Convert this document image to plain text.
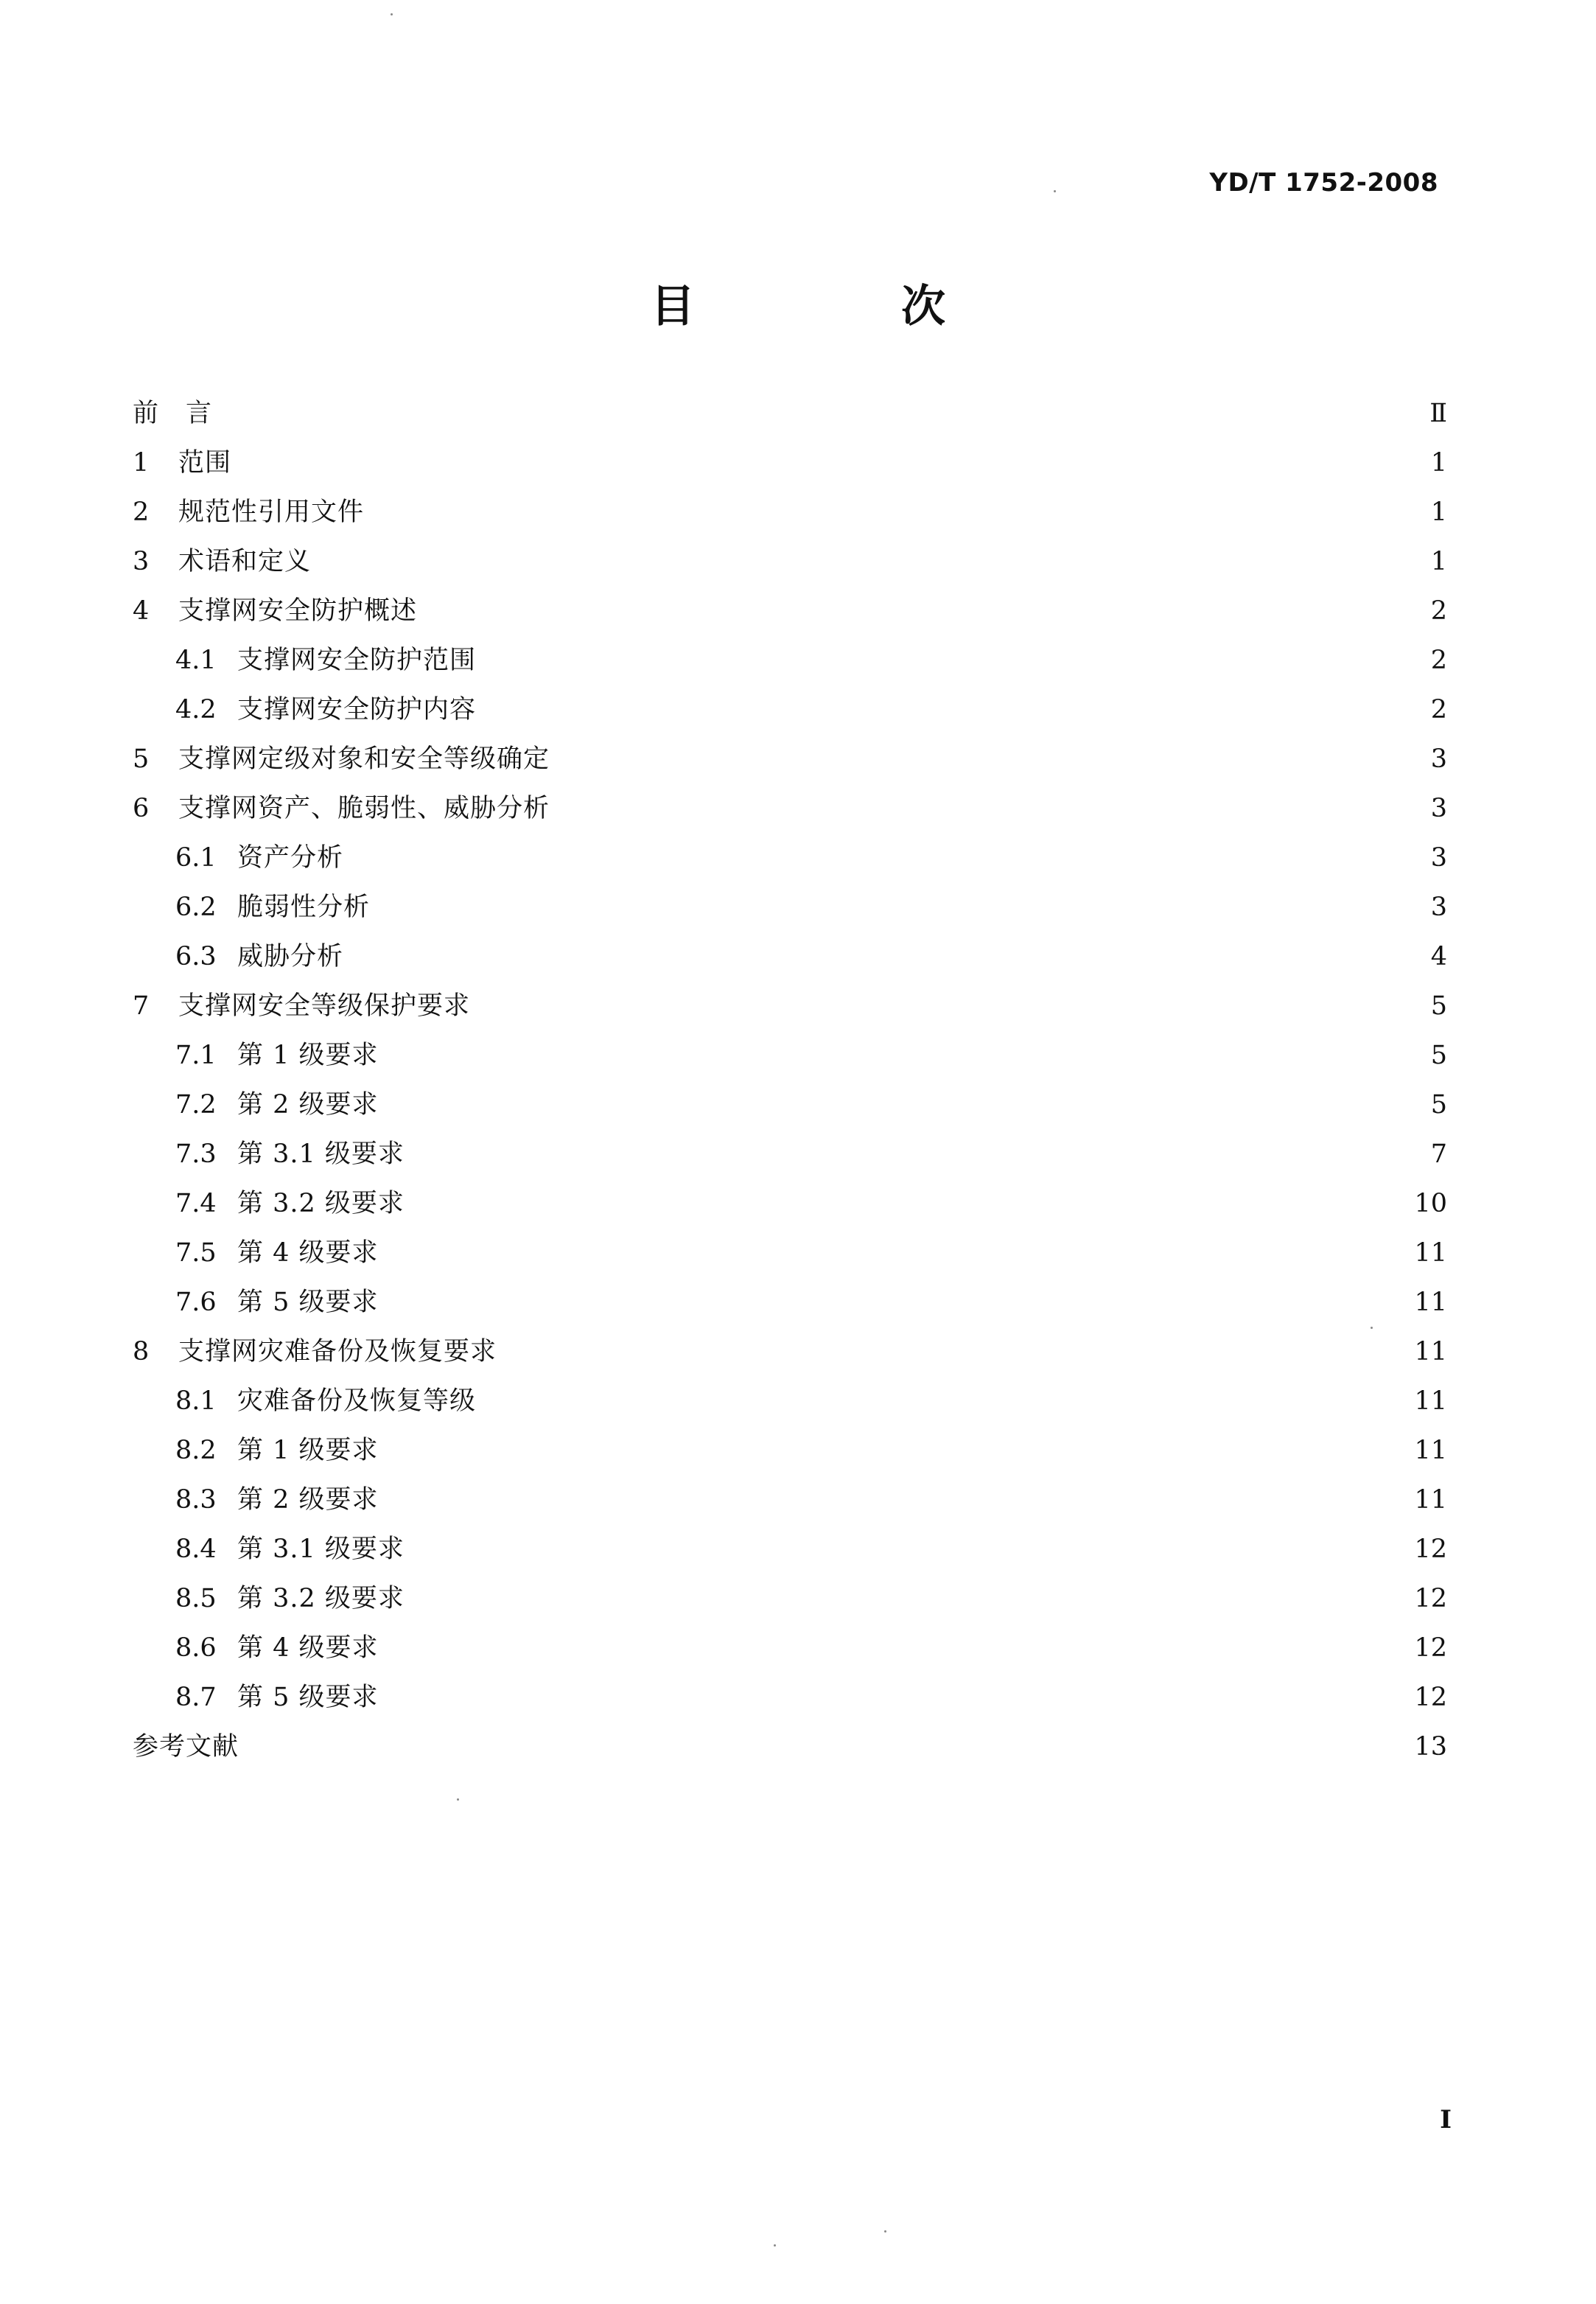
YD/T 1752-2008
目　次
前　言	Ⅱ
1	范围	1
2	规范性引用文件	1
3	术语和定义	1
4	支撑网安全防护概述	2
4.1 支撑网安全防护范围	2
4.2 支撑网安全防护内容	2
5	支撑网定级对象和安全等级确定	3
6	支撑网资产、脆弱性、威胁分析	3
6.1 资产分析	3
6.2 脆弱性分析	3
6.3 威胁分析	4
7	支撑网安全等级保护要求	5
7.1 第 1 级要求	5
7.2 第 2 级要求	5
7.3 第 3.1 级要求	7
7.4 第 3.2 级要求	10
7.5 第 4 级要求	11
7.6 第 5 级要求	11
8	支撑网灾难备份及恢复要求	11
8.1 灾难备份及恢复等级	11
8.2 第 1 级要求	11
8.3 第 2 级要求	11
8.4 第 3.1 级要求	12
8.5 第 3.2 级要求	12
8.6 第 4 级要求	12
8.7 第 5 级要求	12
参考文献	13
I
